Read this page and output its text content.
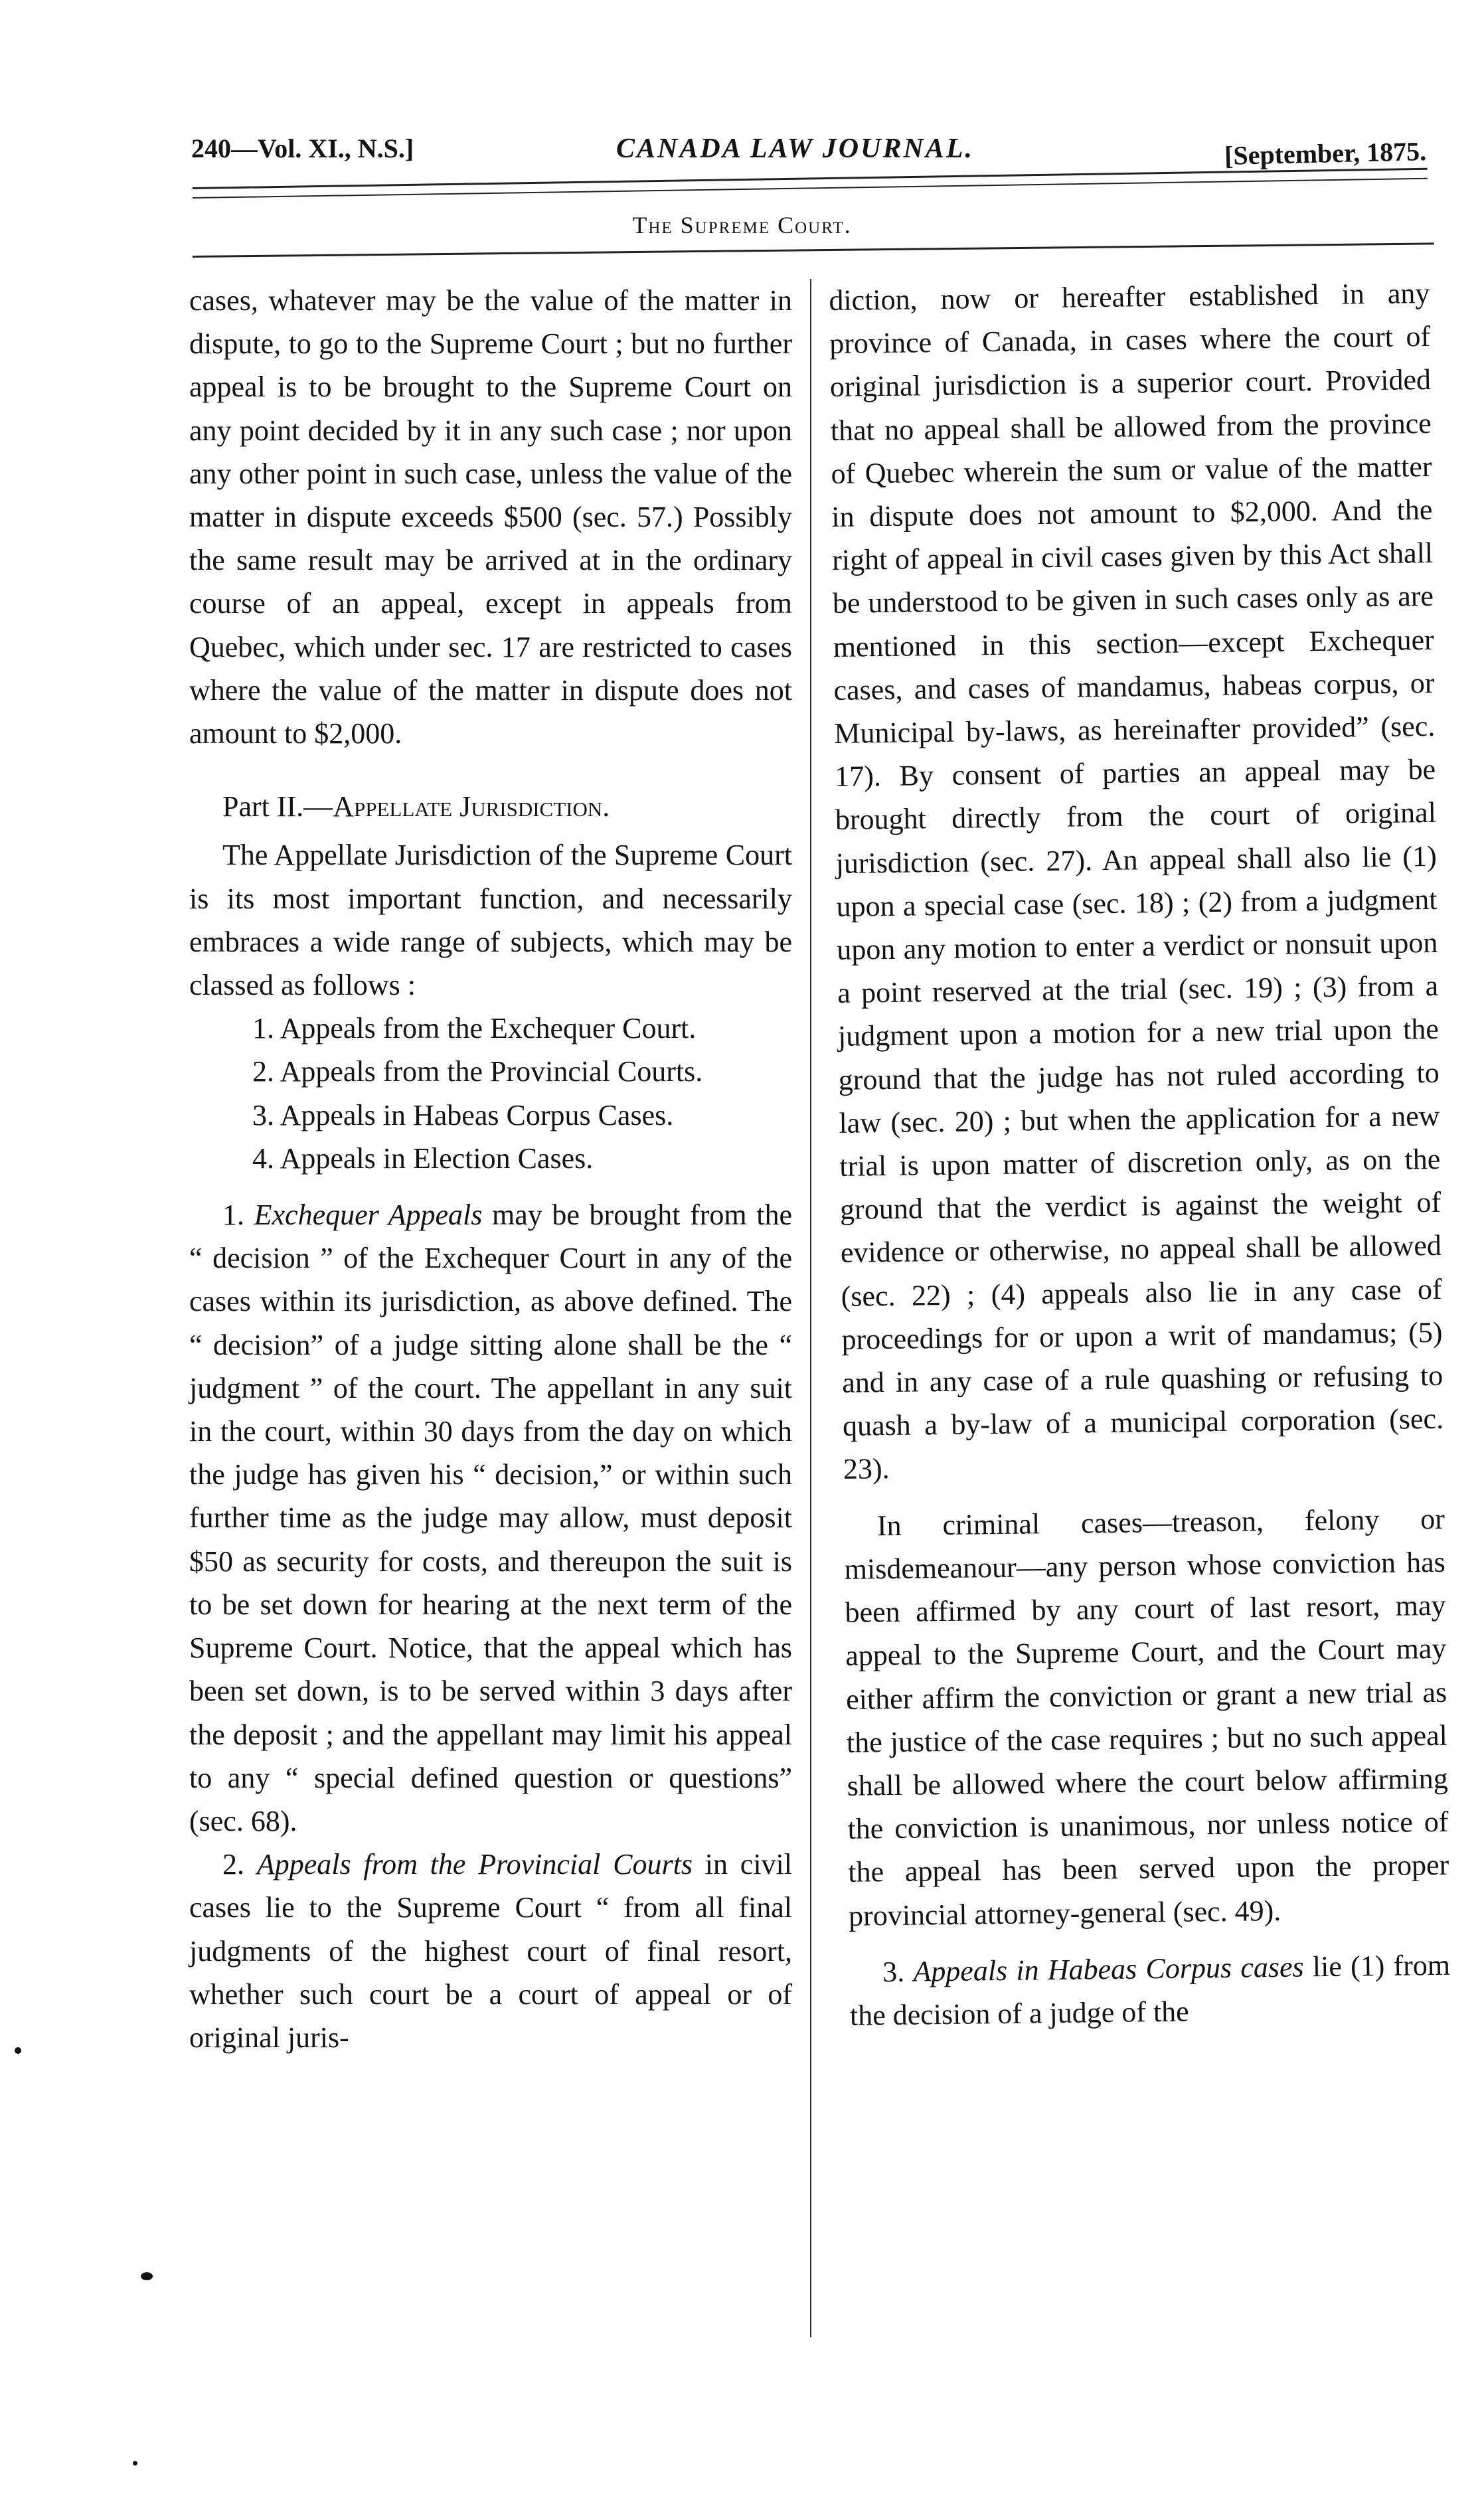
240—Vol. XI., N.S.]	CANADA LAW JOURNAL.	[September, 1875.
The Supreme Court.

cases, whatever may be the value of the matter in dispute, to go to the Supreme Court ; but no further appeal is to be brought to the Supreme Court on any point decided by it in any such case ; nor upon any other point in such case, unless the value of the matter in dispute exceeds $500 (sec. 57.) Possibly the same result may be arrived at in the ordinary course of an appeal, except in appeals from Quebec, which under sec. 17 are restricted to cases where the value of the matter in dispute does not amount to $2,000.

Part II.—Appellate Jurisdiction.

The Appellate Jurisdiction of the Supreme Court is its most important function, and necessarily embraces a wide range of subjects, which may be classed as follows :

1. Appeals from the Exchequer Court.
2. Appeals from the Provincial Courts.
3. Appeals in Habeas Corpus Cases.
4. Appeals in Election Cases.

1. Exchequer Appeals may be brought from the “ decision ” of the Exchequer Court in any of the cases within its jurisdiction, as above defined. The “ decision” of a judge sitting alone shall be the “ judgment ” of the court. The appellant in any suit in the court, within 30 days from the day on which the judge has given his “ decision,” or within such further time as the judge may allow, must deposit $50 as security for costs, and thereupon the suit is to be set down for hearing at the next term of the Supreme Court. Notice, that the appeal which has been set down, is to be served within 3 days after the deposit ; and the appellant may limit his appeal to any “ special defined question or questions” (sec. 68).

2. Appeals from the Provincial Courts in civil cases lie to the Supreme Court “ from all final judgments of the highest court of final resort, whether such court be a court of appeal or of original juris-

diction, now or hereafter established in any province of Canada, in cases where the court of original jurisdiction is a superior court. Provided that no appeal shall be allowed from the province of Quebec wherein the sum or value of the matter in dispute does not amount to $2,000. And the right of appeal in civil cases given by this Act shall be understood to be given in such cases only as are mentioned in this section—except Exchequer cases, and cases of mandamus, habeas corpus, or Municipal by-laws, as hereinafter provided” (sec. 17). By consent of parties an appeal may be brought directly from the court of original jurisdiction (sec. 27). An appeal shall also lie (1) upon a special case (sec. 18) ; (2) from a judgment upon any motion to enter a verdict or nonsuit upon a point reserved at the trial (sec. 19) ; (3) from a judgment upon a motion for a new trial upon the ground that the judge has not ruled according to law (sec. 20) ; but when the application for a new trial is upon matter of discretion only, as on the ground that the verdict is against the weight of evidence or otherwise, no appeal shall be allowed (sec. 22) ; (4) appeals also lie in any case of proceedings for or upon a writ of mandamus; (5) and in any case of a rule quashing or refusing to quash a by-law of a municipal corporation (sec. 23).

In criminal cases—treason, felony or misdemeanour—any person whose conviction has been affirmed by any court of last resort, may appeal to the Supreme Court, and the Court may either affirm the conviction or grant a new trial as the justice of the case requires ; but no such appeal shall be allowed where the court below affirming the conviction is unanimous, nor unless notice of the appeal has been served upon the proper provincial attorney-general (sec. 49).

3. Appeals in Habeas Corpus cases lie (1) from the decision of a judge of the
